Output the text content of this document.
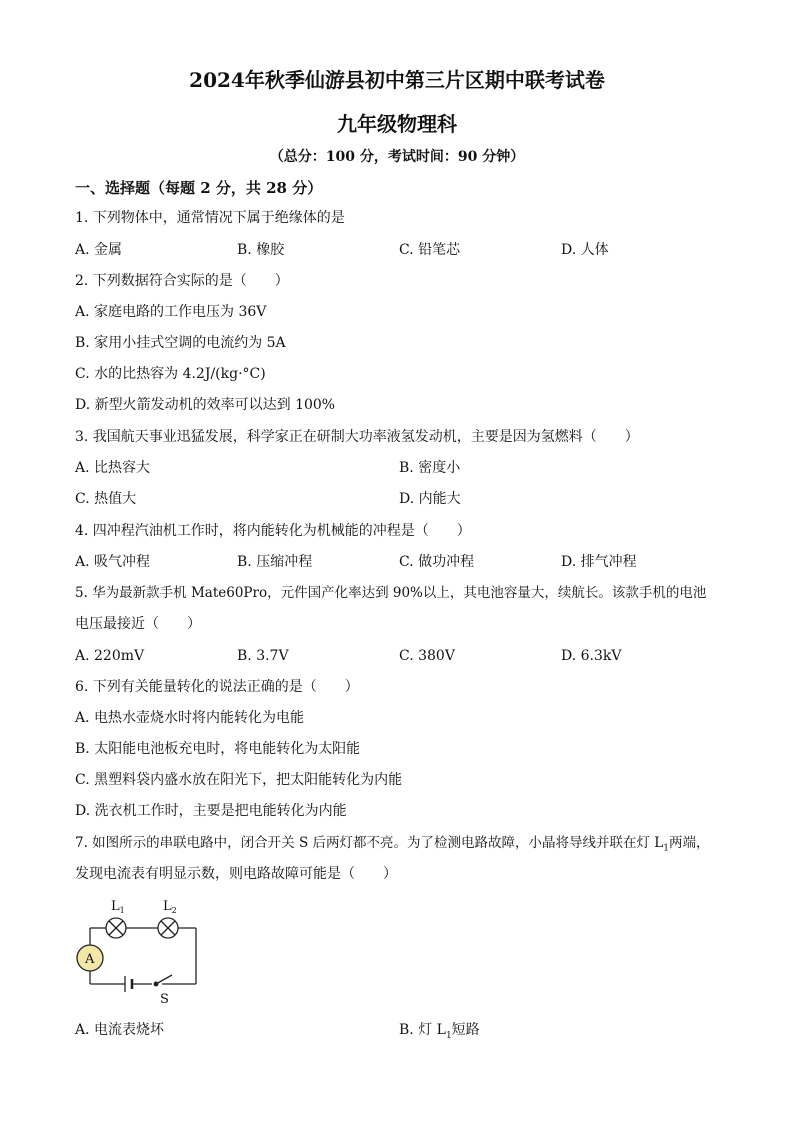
2024年秋季仙游县初中第三片区期中联考试卷
九年级物理科
（总分：100 分，考试时间：90 分钟）
一、选择题（每题 2 分，共 28 分）
1. 下列物体中，通常情况下属于绝缘体的是
A. 金属	B. 橡胶	C. 铅笔芯	D. 人体
2. 下列数据符合实际的是（　　）
A. 家庭电路的工作电压为 36V
B. 家用小挂式空调的电流约为 5A
C. 水的比热容为 4.2J/(kg·°C)
D. 新型火箭发动机的效率可以达到 100%
3. 我国航天事业迅猛发展，科学家正在研制大功率液氢发动机，主要是因为氢燃料（　　）
A. 比热容大	B. 密度小
C. 热值大	D. 内能大
4. 四冲程汽油机工作时，将内能转化为机械能的冲程是（　　）
A. 吸气冲程	B. 压缩冲程	C. 做功冲程	D. 排气冲程
5. 华为最新款手机 Mate60Pro，元件国产化率达到 90%以上，其电池容量大，续航长。该款手机的电池
电压最接近（　　）
A. 220mV	B. 3.7V	C. 380V	D. 6.3kV
6. 下列有关能量转化的说法正确的是（　　）
A. 电热水壶烧水时将内能转化为电能
B. 太阳能电池板充电时，将电能转化为太阳能
C. 黑塑料袋内盛水放在阳光下，把太阳能转化为内能
D. 洗衣机工作时，主要是把电能转化为内能
7. 如图所示的串联电路中，闭合开关 S 后两灯都不亮。为了检测电路故障，小晶将导线并联在灯 $L_1$两端，
发现电流表有明显示数，则电路故障可能是（　　）
$L_1$	$L_2$
A
S
A. 电流表烧坏	B. 灯 $L_1$短路
